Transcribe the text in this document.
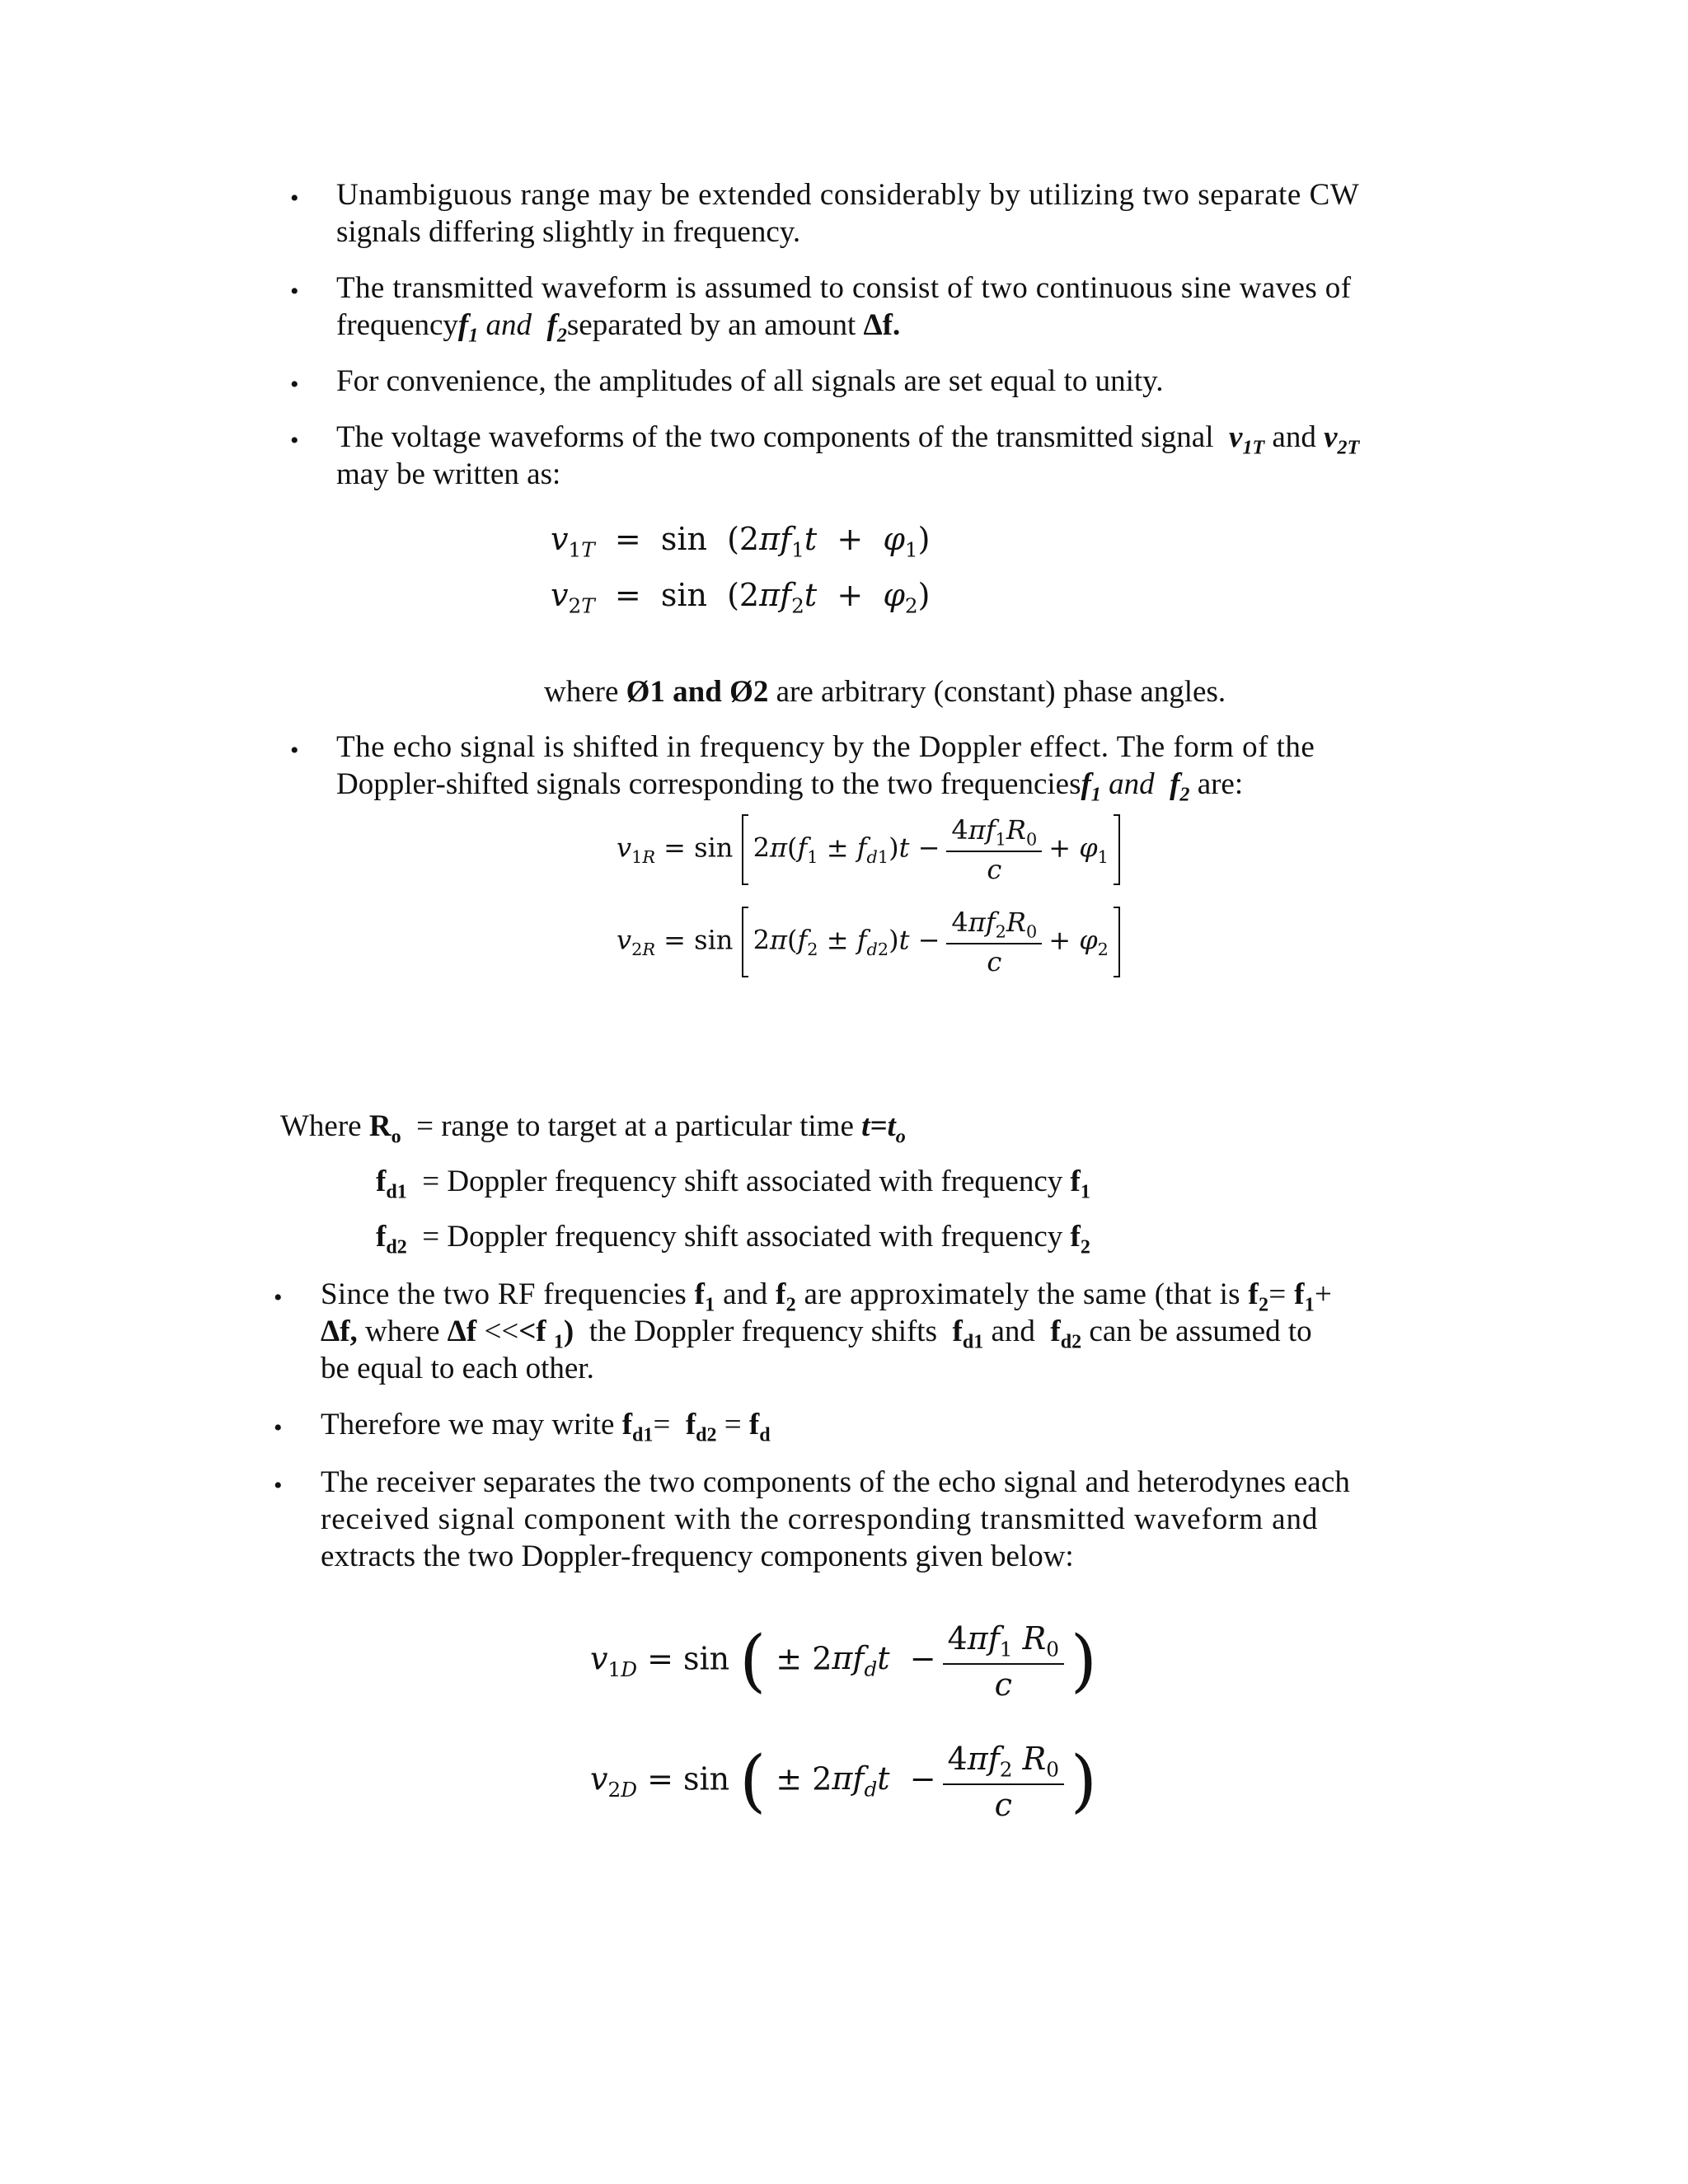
• Unambiguous range may be extended considerably by utilizing two separate CW
signals differing slightly in frequency.
• The transmitted waveform is assumed to consist of two continuous sine waves of
frequencyf$_1$ and $f_2separated$ by an amount Δf.
• For convenience, the amplitudes of all signals are set equal to unity.
• The voltage waveforms of the two components of the transmitted signal $v_{1T}$ and $v_{2T}$
may be written as:
$v_{1T} = \sin (2\pi f_1t + \varphi_1)$
$v_{2T} = \sin (2\pi f_2t + \varphi_2)$
where Ø1 and Ø2 are arbitrary (constant) phase angles.
• The echo signal is shifted in frequency by the Doppler effect. The form of the
Doppler-shifted signals corresponding to the two frequenciesf$_1$ and $f_2$ are:
$v_{1R} = \sin 2\pi(f_1 \pm f_{d1})t - \frac{4\pi f_1R_0}{c} + \varphi_1$
$v_{2R} = \sin 2\pi(f_2 \pm f_{d2})t - \frac{4\pi f_2R_0}{c} + \varphi_2$
Where $R_o$ = range to target at a particular time $t=t_o$
$f_{d1}$ = Doppler frequency shift associated with frequency $f_1$
$f_{d2}$ = Doppler frequency shift associated with frequency $f_2$
• Since the two RF frequencies $f_1$ and $f_2$ are approximately the same (that is $f_2= f_1+$
Δf, where Δf <<<f $_1$) the Doppler frequency shifts $f_{d1}$ and  $f_{d2}$ can be assumed to
be equal to each other.
• Therefore we may write $f_{d1}= f_{d2} = f_d$
• The receiver separates the two components of the echo signal and heterodynes each
received signal component with the corresponding transmitted waveform and
extracts the two Doppler-frequency components given below:
$v_{1D} = \sin$ ( ± $2\pi f_dt - \frac{4\pi f_1 R_0}{c}$ )
$v_{2D} = \sin$ ( ± $2\pi f_dt - \frac{4\pi f_2 R_0}{c}$ )
